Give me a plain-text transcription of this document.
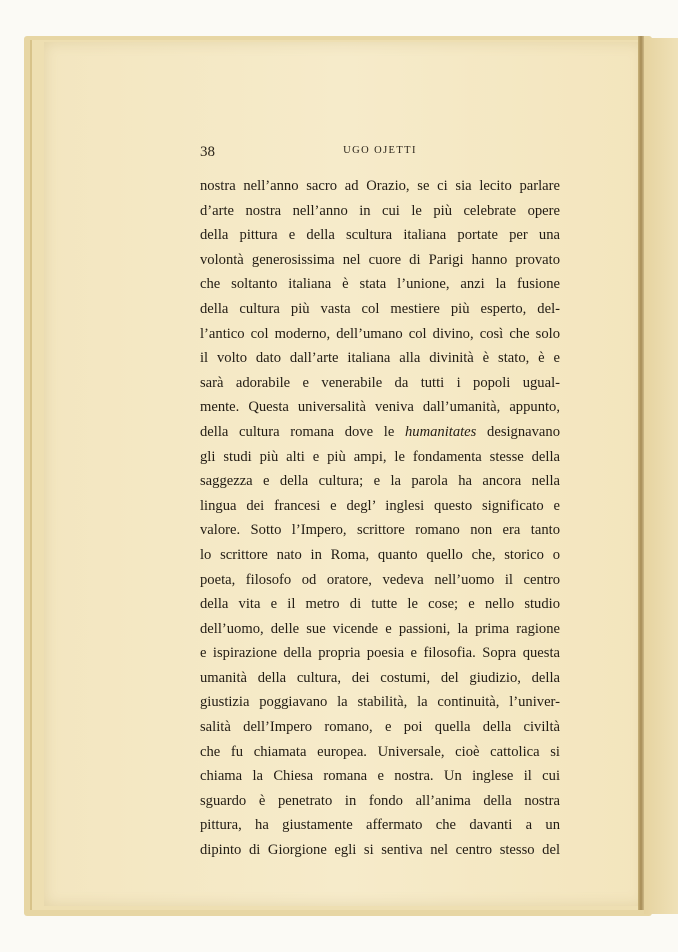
38	UGO OJETTI
nostra nell’anno sacro ad Orazio, se ci sia lecito parlare
d’arte nostra nell’anno in cui le più celebrate opere
della pittura e della scultura italiana portate per una
volontà generosissima nel cuore di Parigi hanno provato
che soltanto italiana è stata l’unione, anzi la fusione
della cultura più vasta col mestiere più esperto, del-
l’antico col moderno, dell’umano col divino, così che solo
il volto dato dall’arte italiana alla divinità è stato, è e
sarà adorabile e venerabile da tutti i popoli ugual-
mente. Questa universalità veniva dall’umanità, appunto,
della cultura romana dove le humanitates designavano
gli studi più alti e più ampi, le fondamenta stesse della
saggezza e della cultura; e la parola ha ancora nella
lingua dei francesi e degl’ inglesi questo significato e
valore. Sotto l’Impero, scrittore romano non era tanto
lo scrittore nato in Roma, quanto quello che, storico o
poeta, filosofo od oratore, vedeva nell’uomo il centro
della vita e il metro di tutte le cose; e nello studio
dell’uomo, delle sue vicende e passioni, la prima ragione
e ispirazione della propria poesia e filosofia. Sopra questa
umanità della cultura, dei costumi, del giudizio, della
giustizia poggiavano la stabilità, la continuità, l’univer-
salità dell’Impero romano, e poi quella della civiltà
che fu chiamata europea. Universale, cioè cattolica si
chiama la Chiesa romana e nostra. Un inglese il cui
sguardo è penetrato in fondo all’anima della nostra
pittura, ha giustamente affermato che davanti a un
dipinto di Giorgione egli si sentiva nel centro stesso del
